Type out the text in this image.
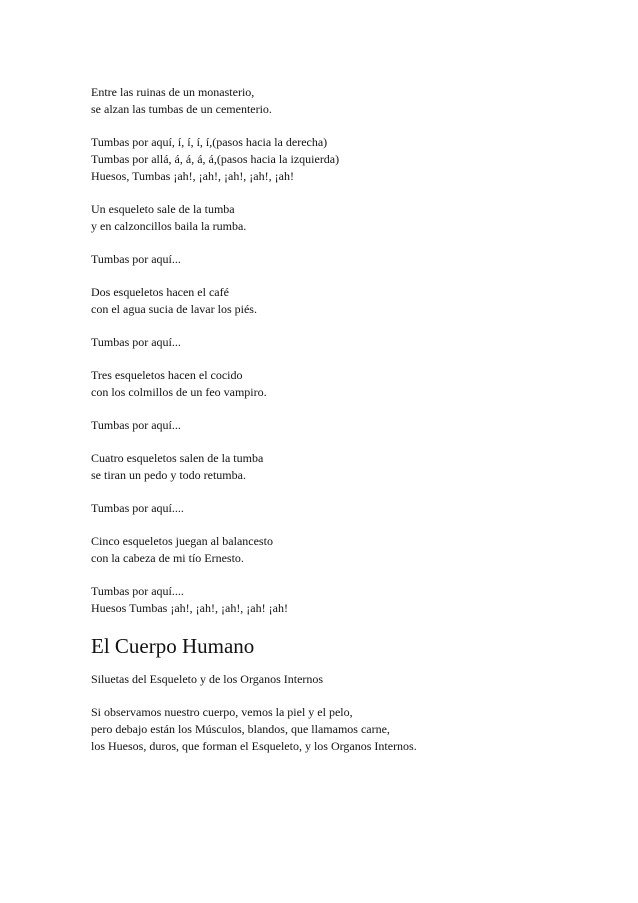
Entre las ruinas de un monasterio,
se alzan las tumbas de un cementerio.
Tumbas por aquí, í, í, í, í,(pasos hacia la derecha)
Tumbas por allá, á, á, á, á,(pasos hacia la izquierda)
Huesos, Tumbas ¡ah!, ¡ah!, ¡ah!, ¡ah!, ¡ah!
Un esqueleto sale de la tumba
y en calzoncillos baila la rumba.
Tumbas por aquí...
Dos esqueletos hacen el café
con el agua sucia de lavar los piés.
Tumbas por aquí...
Tres esqueletos hacen el cocido
con los colmillos de un feo vampiro.
Tumbas por aquí...
Cuatro esqueletos salen de la tumba
se tiran un pedo y todo retumba.
Tumbas por aquí....
Cinco esqueletos juegan al balancesto
con la cabeza de mi tío Ernesto.
Tumbas por aquí....
Huesos Tumbas ¡ah!, ¡ah!, ¡ah!, ¡ah! ¡ah!
El Cuerpo Humano
Siluetas del Esqueleto y de los Organos Internos
Si observamos nuestro cuerpo, vemos la piel y el pelo,
pero debajo están los Músculos, blandos, que llamamos carne,
los Huesos, duros, que forman el Esqueleto, y los Organos Internos.
